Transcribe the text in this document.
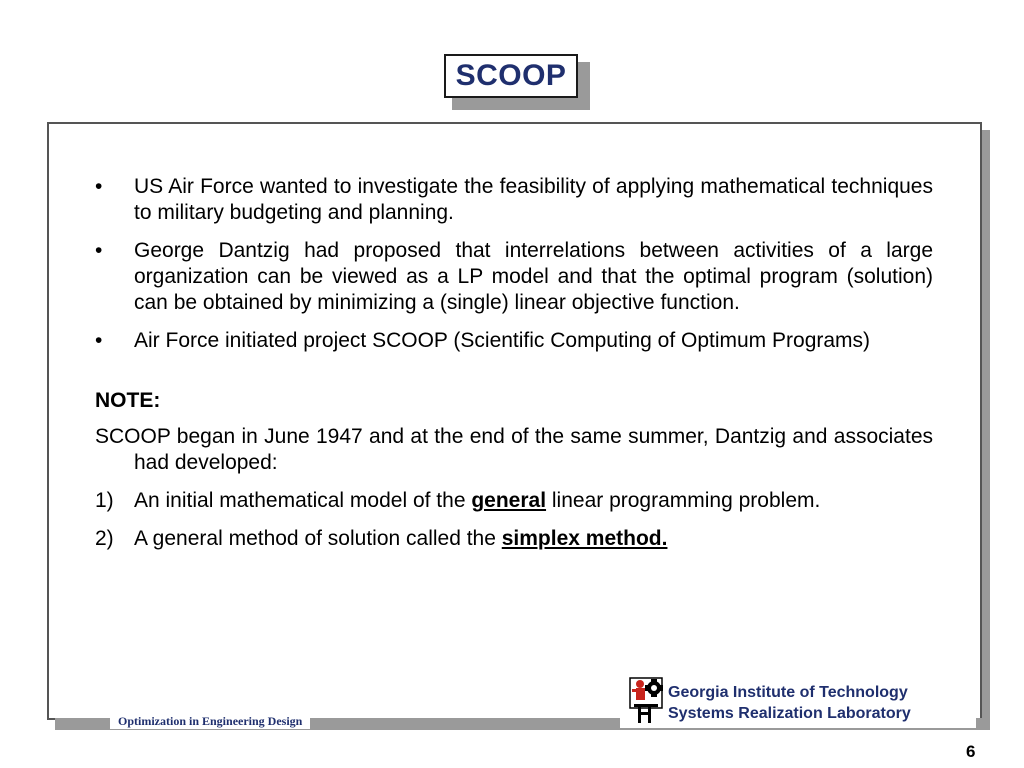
SCOOP
• US Air Force wanted to investigate the feasibility of applying mathematical techniques to military budgeting and planning.
• George Dantzig had proposed that interrelations between activities of a large organization can be viewed as a LP model and that the optimal program (solution) can be obtained by minimizing a (single) linear objective function.
• Air Force initiated project SCOOP (Scientific Computing of Optimum Programs)
NOTE:
SCOOP began in June 1947 and at the end of the same summer, Dantzig and associates had developed:
1) An initial mathematical model of the general linear programming problem.
2) A general method of solution called the simplex method.
Optimization in Engineering Design
Georgia Institute of Technology
Systems Realization Laboratory
6
